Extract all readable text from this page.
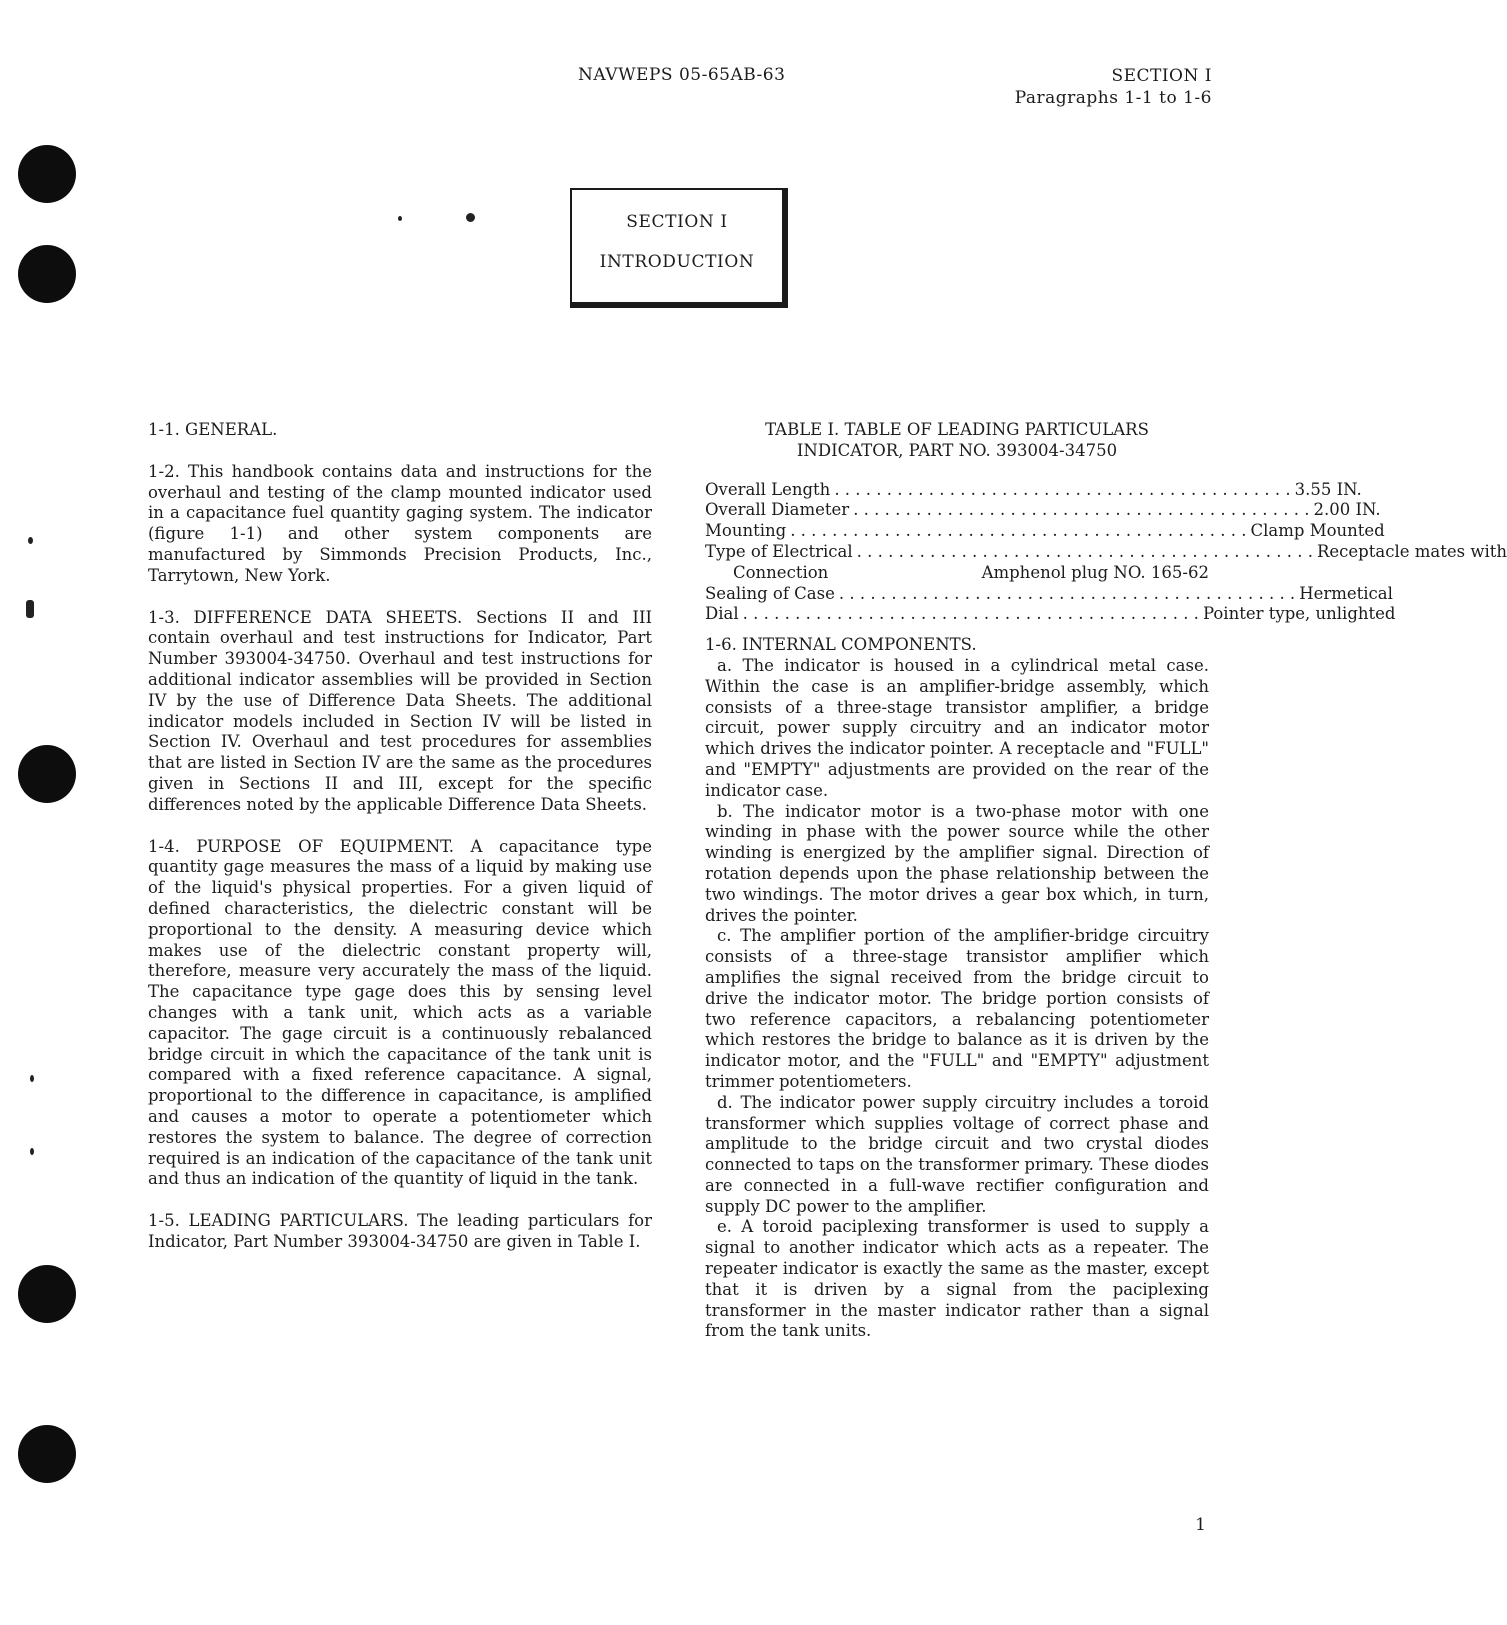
NAVWEPS 05-65AB-63	SECTION I
Paragraphs 1-1 to 1-6
SECTION I
INTRODUCTION

1-1. GENERAL.

1-2. This handbook contains data and instructions for the overhaul and testing of the clamp mounted indicator used in a capacitance fuel quantity gaging system. The indicator (figure 1-1) and other system components are manufactured by Simmonds Precision Products, Inc., Tarrytown, New York.

1-3. DIFFERENCE DATA SHEETS. Sections II and III contain overhaul and test instructions for Indicator, Part Number 393004-34750. Overhaul and test instructions for additional indicator assemblies will be provided in Section IV by the use of Difference Data Sheets. The additional indicator models included in Section IV will be listed in Section IV. Overhaul and test procedures for assemblies that are listed in Section IV are the same as the procedures given in Sections II and III, except for the specific differences noted by the applicable Difference Data Sheets.

1-4. PURPOSE OF EQUIPMENT. A capacitance type quantity gage measures the mass of a liquid by making use of the liquid's physical properties. For a given liquid of defined characteristics, the dielectric constant will be proportional to the density. A measuring device which makes use of the dielectric constant property will, therefore, measure very accurately the mass of the liquid. The capacitance type gage does this by sensing level changes with a tank unit, which acts as a variable capacitor. The gage circuit is a continuously rebalanced bridge circuit in which the capacitance of the tank unit is compared with a fixed reference capacitance. A signal, proportional to the difference in capacitance, is amplified and causes a motor to operate a potentiometer which restores the system to balance. The degree of correction required is an indication of the capacitance of the tank unit and thus an indication of the quantity of liquid in the tank.

1-5. LEADING PARTICULARS. The leading particulars for Indicator, Part Number 393004-34750 are given in Table I.

TABLE I. TABLE OF LEADING PARTICULARS
INDICATOR, PART NO. 393004-34750
Overall Length . . . . . . . . . . . . . . . . . . . . . . . . . . . . . . . . . . . . . . . . . . . . 3.55 IN.
Overall Diameter . . . . . . . . . . . . . . . . . . . . . . . . . . . . . . . . . . . . . . . . . . . . 2.00 IN.
Mounting . . . . . . . . . . . . . . . . . . . . . . . . . . . . . . . . . . . . . . . . . . . . Clamp Mounted
Type of Electrical . . . . . . . . . . . . . . . . . . . . . . . . . . . . . . . . . . . . . . . . . . . . Receptacle mates with
Connection	Amphenol plug NO. 165-62
Sealing of Case . . . . . . . . . . . . . . . . . . . . . . . . . . . . . . . . . . . . . . . . . . . . Hermetical
Dial . . . . . . . . . . . . . . . . . . . . . . . . . . . . . . . . . . . . . . . . . . . . Pointer type, unlighted

1-6. INTERNAL COMPONENTS.

a. The indicator is housed in a cylindrical metal case. Within the case is an amplifier-bridge assembly, which consists of a three-stage transistor amplifier, a bridge circuit, power supply circuitry and an indicator motor which drives the indicator pointer. A receptacle and "FULL" and "EMPTY" adjustments are provided on the rear of the indicator case.

b. The indicator motor is a two-phase motor with one winding in phase with the power source while the other winding is energized by the amplifier signal. Direction of rotation depends upon the phase relationship between the two windings. The motor drives a gear box which, in turn, drives the pointer.

c. The amplifier portion of the amplifier-bridge circuitry consists of a three-stage transistor amplifier which amplifies the signal received from the bridge circuit to drive the indicator motor. The bridge portion consists of two reference capacitors, a rebalancing potentiometer which restores the bridge to balance as it is driven by the indicator motor, and the "FULL" and "EMPTY" adjustment trimmer potentiometers.

d. The indicator power supply circuitry includes a toroid transformer which supplies voltage of correct phase and amplitude to the bridge circuit and two crystal diodes connected to taps on the transformer primary. These diodes are connected in a full-wave rectifier configuration and supply DC power to the amplifier.

e. A toroid paciplexing transformer is used to supply a signal to another indicator which acts as a repeater. The repeater indicator is exactly the same as the master, except that it is driven by a signal from the paciplexing transformer in the master indicator rather than a signal from the tank units.

1
